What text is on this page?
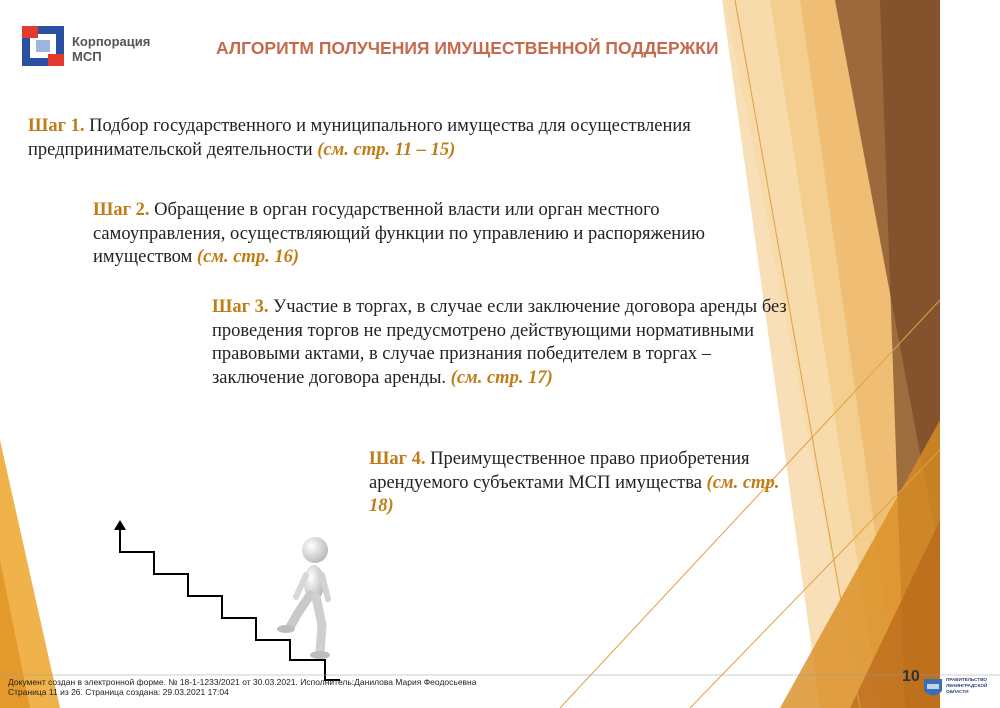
Корпорация
МСП	АЛГОРИТМ ПОЛУЧЕНИЯ ИМУЩЕСТВЕННОЙ ПОДДЕРЖКИ
Шаг 1. Подбор государственного и муниципального имущества для осуществления предпринимательской деятельности (см. стр. 11 – 15)
Шаг 2. Обращение в орган государственной власти или орган местного самоуправления, осуществляющий функции по управлению и распоряжению имуществом (см. стр. 16)
Шаг 3. Участие в торгах, в случае если заключение договора аренды без проведения торгов не предусмотрено действующими нормативными правовыми актами, в случае признания победителем в торгах – заключение договора аренды. (см. стр. 17)
Шаг 4. Преимущественное право приобретения арендуемого субъектами МСП имущества (см. стр. 18)
Документ создан в электронной форме. № 18-1-1233/2021 от 30.03.2021. Исполнитель:Данилова Мария Феодосьевна
Страница 11 из 26. Страница создана: 29.03.2021 17:04
10	ПРАВИТЕЛЬСТВО ЛЕНИНГРАДСКОЙ ОБЛАСТИ
